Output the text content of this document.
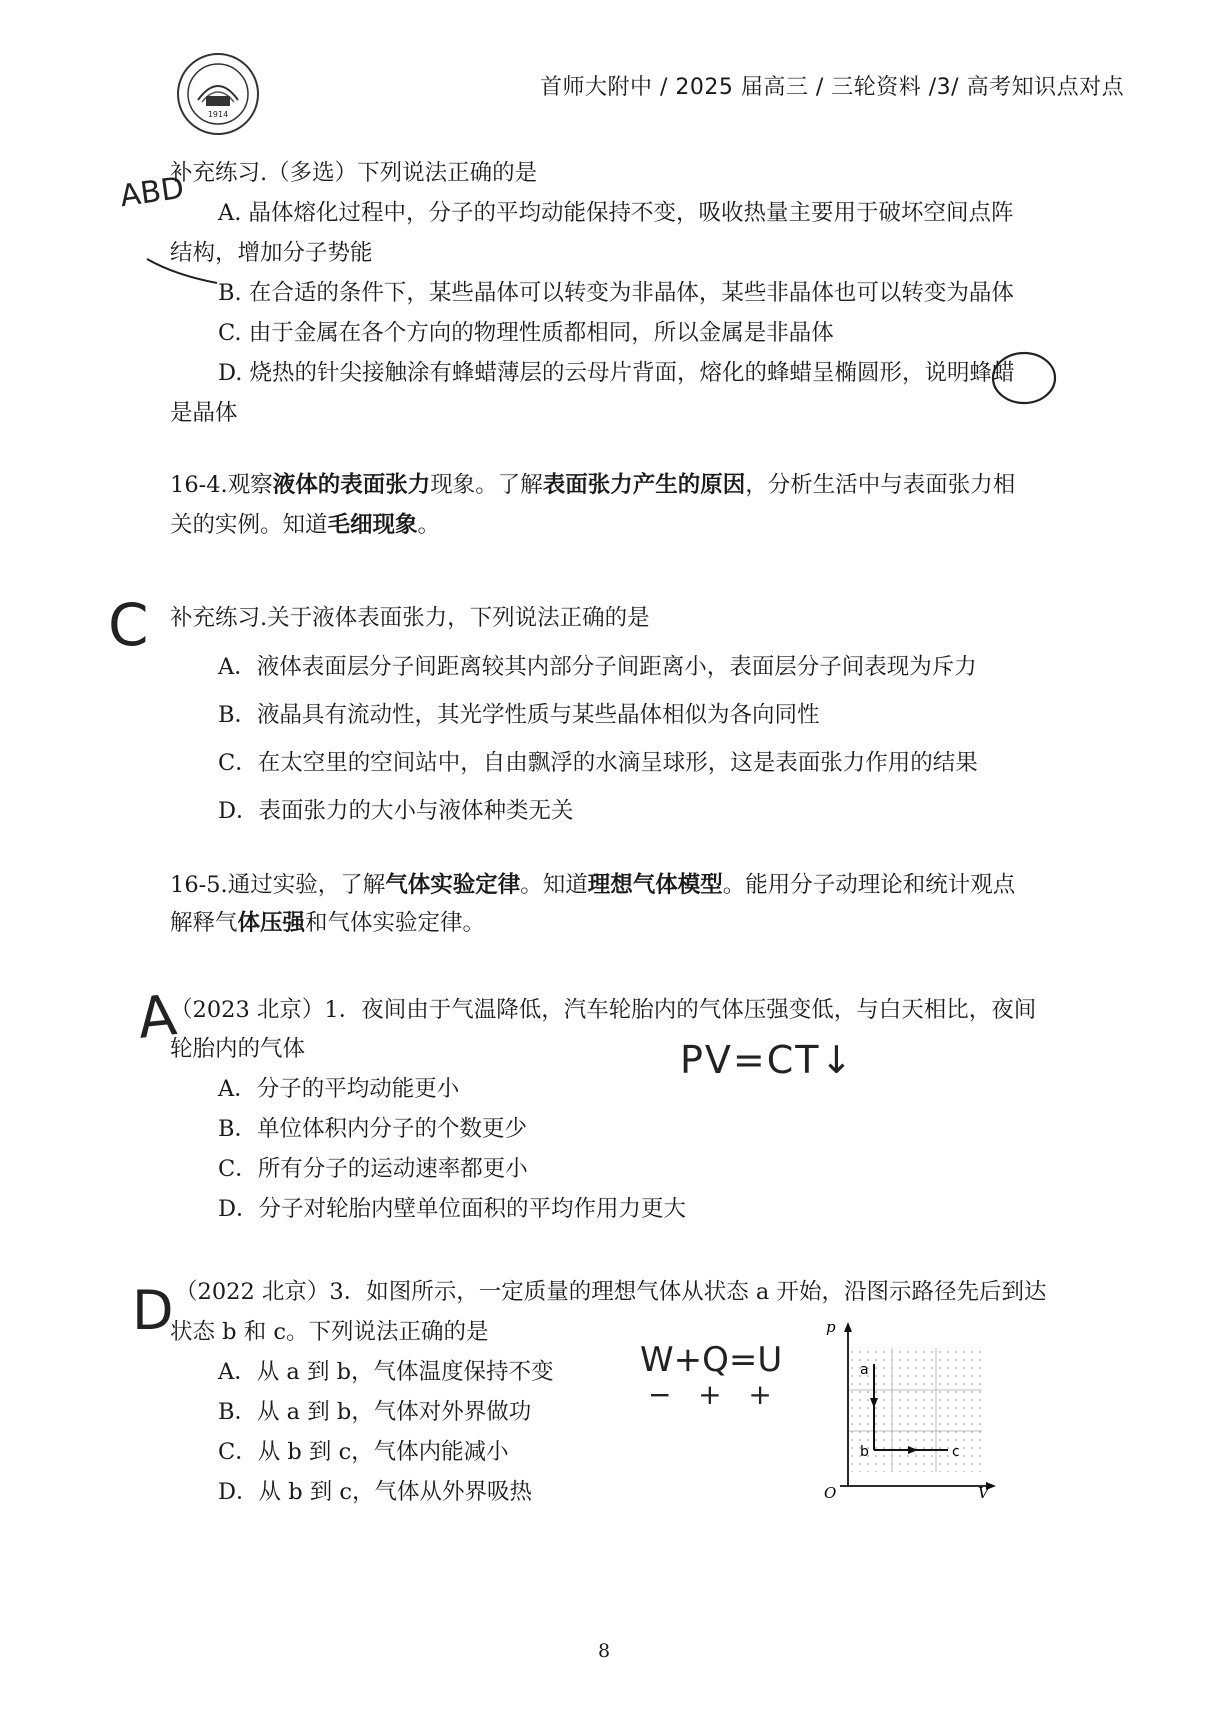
1914
首师大附中 / 2025 届高三 / 三轮资料 /3/ 高考知识点对点
补充练习.（多选）下列说法正确的是
A. 晶体熔化过程中，分子的平均动能保持不变，吸收热量主要用于破坏空间点阵
结构，增加分子势能
B. 在合适的条件下，某些晶体可以转变为非晶体，某些非晶体也可以转变为晶体
C. 由于金属在各个方向的物理性质都相同，所以金属是非晶体
D. 烧热的针尖接触涂有蜂蜡薄层的云母片背面，熔化的蜂蜡呈椭圆形，说明蜂蜡
是晶体
ABD
16-4.观察液体的表面张力现象。了解表面张力产生的原因，分析生活中与表面张力相
关的实例。知道毛细现象。
C 补充练习.关于液体表面张力，下列说法正确的是
A．液体表面层分子间距离较其内部分子间距离小，表面层分子间表现为斥力
B．液晶具有流动性，其光学性质与某些晶体相似为各向同性
C．在太空里的空间站中，自由飘浮的水滴呈球形，这是表面张力作用的结果
D．表面张力的大小与液体种类无关
16-5.通过实验，了解气体实验定律。知道理想气体模型。能用分子动理论和统计观点
解释气体压强和气体实验定律。
A
（2023 北京）1．夜间由于气温降低，汽车轮胎内的气体压强变低，与白天相比，夜间
轮胎内的气体
A．分子的平均动能更小
B．单位体积内分子的个数更少
C．所有分子的运动速率都更小
D．分子对轮胎内壁单位面积的平均作用力更大
PV=CT↓
D （2022 北京）3．如图所示，一定质量的理想气体从状态 a 开始，沿图示路径先后到达
状态 b 和 c。下列说法正确的是
A．从 a 到 b，气体温度保持不变
B．从 a 到 b，气体对外界做功
C．从 b 到 c，气体内能减小
D．从 b 到 c，气体从外界吸热
W+Q=U
−   +   +
p
V
O
a
b	c
8
